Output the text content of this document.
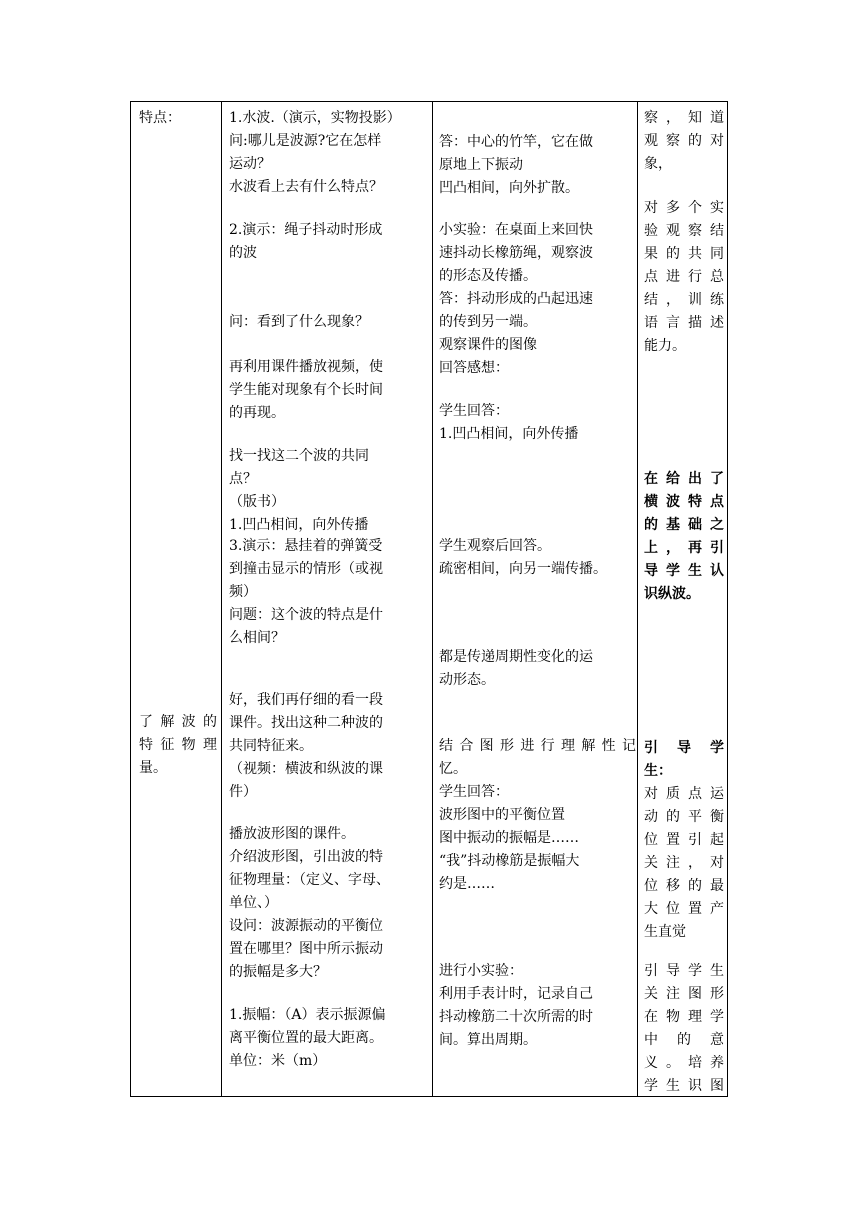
特点：

了解波的

特征物理

量。

1.水波.（演示，实物投影）

问:哪儿是波源?它在怎样

运动？

水波看上去有什么特点？

2.演示：绳子抖动时形成

的波

问：看到了什么现象？

再利用课件播放视频，使

学生能对现象有个长时间

的再现。

找一找这二个波的共同

点？

（版书）

1.凹凸相间，向外传播

3.演示：悬挂着的弹簧受

到撞击显示的情形（或视

频）

问题：这个波的特点是什

么相间？

好，我们再仔细的看一段

课件。找出这种二种波的

共同特征来。

（视频：横波和纵波的课

件）

播放波形图的课件。

介绍波形图，引出波的特

征物理量：（定义、字母、

单位、）

设问：波源振动的平衡位

置在哪里？图中所示振动

的振幅是多大？

1.振幅：（A）表示振源偏

离平衡位置的最大距离。

单位：米（m）

答：中心的竹竿，它在做

原地上下振动

凹凸相间，向外扩散。

小实验：在桌面上来回快

速抖动长橡筋绳，观察波

的形态及传播。

答：抖动形成的凸起迅速

的传到另一端。

观察课件的图像

回答感想：

学生回答：

1.凹凸相间，向外传播

学生观察后回答。

疏密相间，向另一端传播。

都是传递周期性变化的运

动形态。

结合图形进行理解性记

忆。

学生回答：

波形图中的平衡位置

图中振动的振幅是……

“我”抖动橡筋是振幅大

约是……

进行小实验：

利用手表计时，记录自己

抖动橡筋二十次所需的时

间。算出周期。

察，知道

观察的对

象，

对多个实

验观察结

果的共同

点进行总

结，训练

语言描述

能力。

在给出了

横波特点

的基础之

上，再引

导学生认

识纵波。

引 导 学

生：

对质点运

动的平衡

位置引起

关注，对

位移的最

大位置产

生直觉

引导学生

关注图形

在物理学

中 的 意

义。培养

学生识图
